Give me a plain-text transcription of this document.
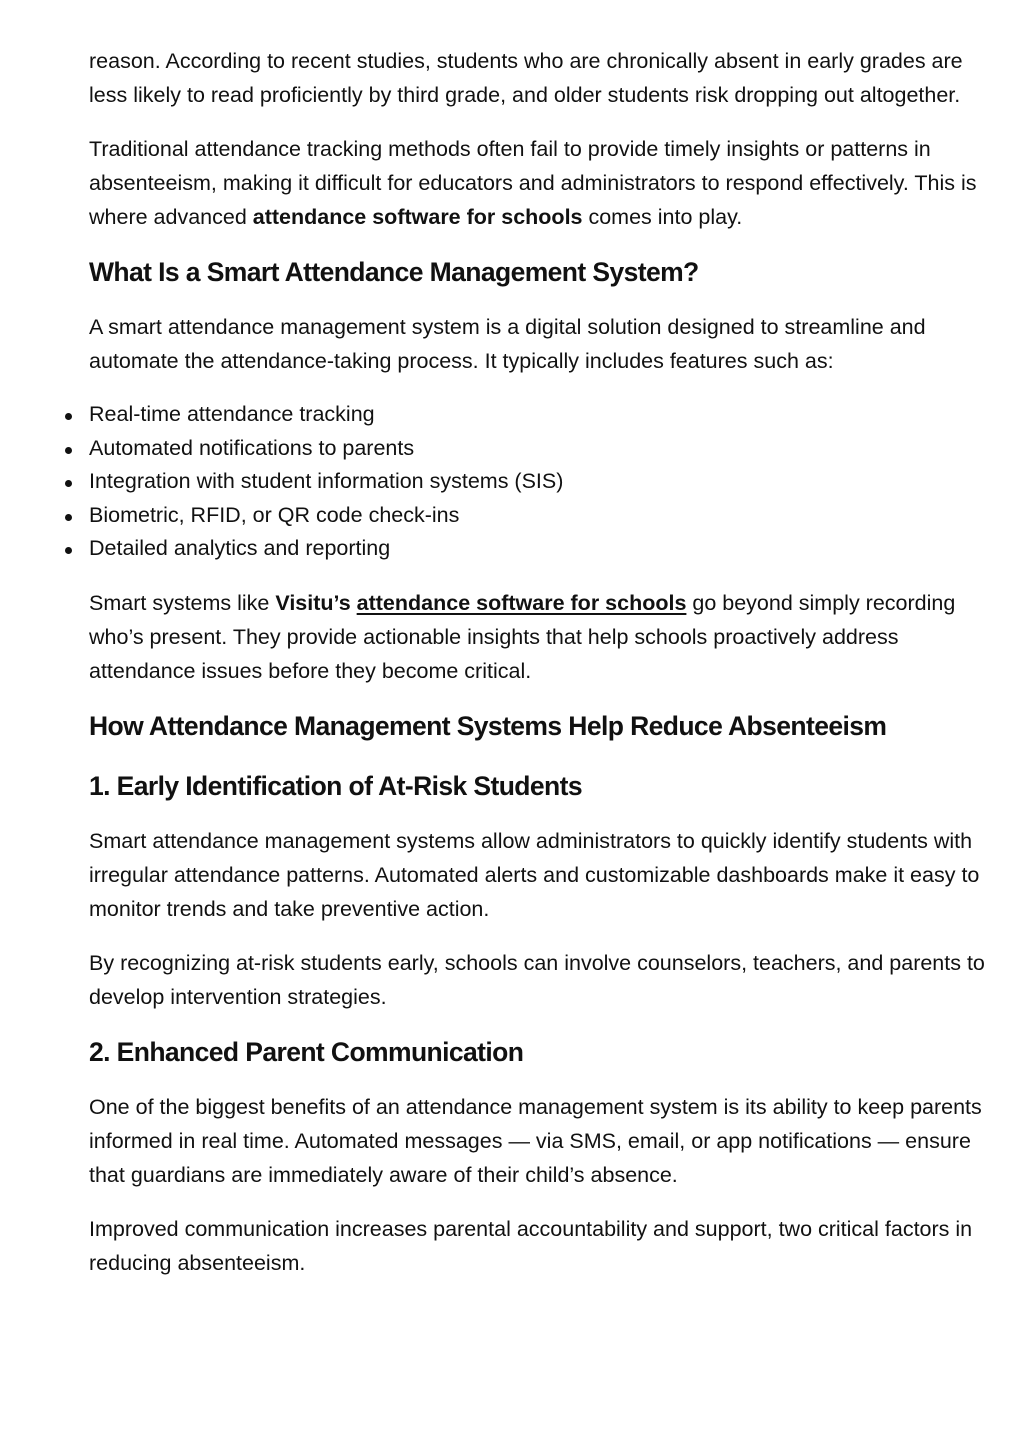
reason. According to recent studies, students who are chronically absent in early grades are less likely to read proficiently by third grade, and older students risk dropping out altogether.

Traditional attendance tracking methods often fail to provide timely insights or patterns in absenteeism, making it difficult for educators and administrators to respond effectively. This is where advanced attendance software for schools comes into play.

What Is a Smart Attendance Management System?

A smart attendance management system is a digital solution designed to streamline and automate the attendance-taking process. It typically includes features such as:

Real-time attendance tracking
Automated notifications to parents
Integration with student information systems (SIS)
Biometric, RFID, or QR code check-ins
Detailed analytics and reporting

Smart systems like Visitu’s attendance software for schools go beyond simply recording who’s present. They provide actionable insights that help schools proactively address attendance issues before they become critical.

How Attendance Management Systems Help Reduce Absenteeism
1. Early Identification of At-Risk Students

Smart attendance management systems allow administrators to quickly identify students with irregular attendance patterns. Automated alerts and customizable dashboards make it easy to monitor trends and take preventive action.

By recognizing at-risk students early, schools can involve counselors, teachers, and parents to develop intervention strategies.

2. Enhanced Parent Communication

One of the biggest benefits of an attendance management system is its ability to keep parents informed in real time. Automated messages — via SMS, email, or app notifications — ensure that guardians are immediately aware of their child’s absence.

Improved communication increases parental accountability and support, two critical factors in reducing absenteeism.
